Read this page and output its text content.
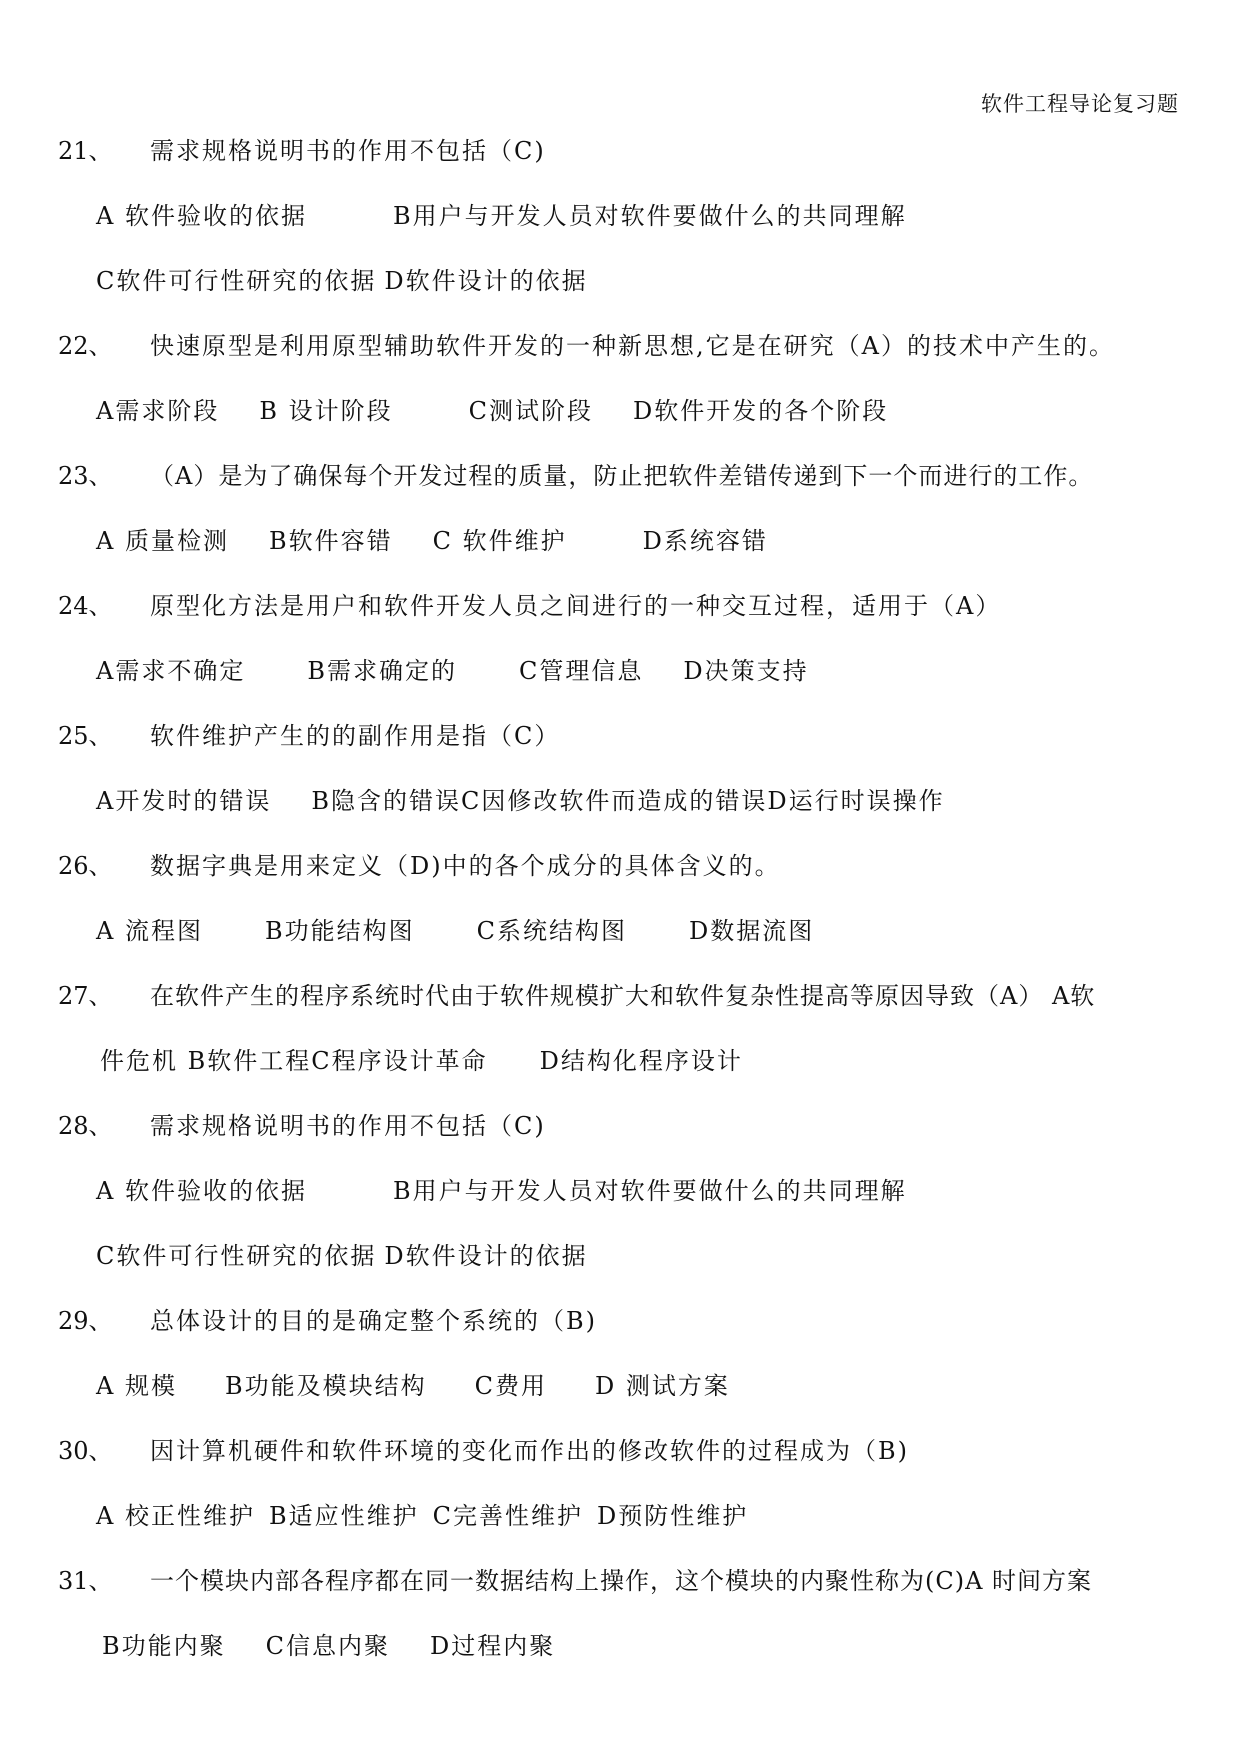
软件工程导论复习题
21、	需求规格说明书的作用不包括（C)
A 软件验收的依据	B用户与开发人员对软件要做什么的共同理解
C软件可行性研究的依据 D软件设计的依据
22、	快速原型是利用原型辅助软件开发的一种新思想,它是在研究（A）的技术中产生的。
A需求阶段 B 设计阶段	C测试阶段 D软件开发的各个阶段
23、	（A）是为了确保每个开发过程的质量，防止把软件差错传递到下一个而进行的工作。
A 质量检测 B软件容错 C 软件维护	D系统容错
24、	原型化方法是用户和软件开发人员之间进行的一种交互过程，适用于（A）
A需求不确定	B需求确定的	C管理信息 D决策支持
25、	软件维护产生的的副作用是指（C）
A开发时的错误 B隐含的错误C因修改软件而造成的错误D运行时误操作
26、	数据字典是用来定义（D)中的各个成分的具体含义的。
A 流程图	B功能结构图	C系统结构图	D数据流图
27、	在软件产生的程序系统时代由于软件规模扩大和软件复杂性提高等原因导致（A） A软
件危机 B软件工程C程序设计革命　　D结构化程序设计
28、	需求规格说明书的作用不包括（C)
A 软件验收的依据	B用户与开发人员对软件要做什么的共同理解
C软件可行性研究的依据 D软件设计的依据
29、	总体设计的目的是确定整个系统的（B)
A 规模 B功能及模块结构 C费用 D 测试方案
30、	因计算机硬件和软件环境的变化而作出的修改软件的过程成为（B)
A 校正性维护 B适应性维护 C完善性维护 D预防性维护
31、	一个模块内部各程序都在同一数据结构上操作，这个模块的内聚性称为(C)A 时间方案
B功能内聚 C信息内聚 D过程内聚
